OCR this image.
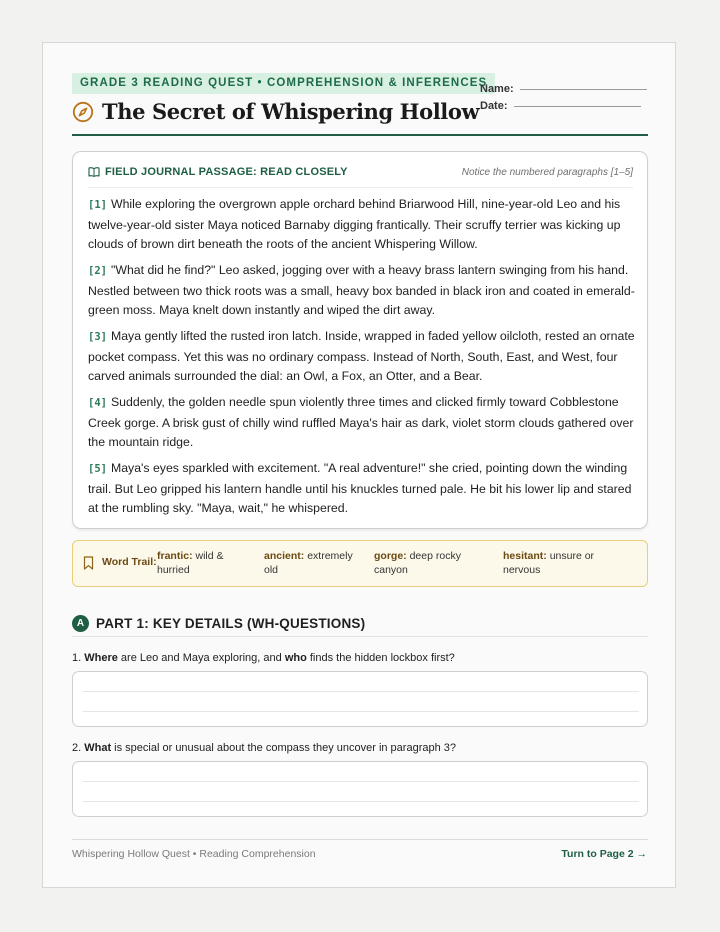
GRADE 3 READING QUEST • COMPREHENSION & INFERENCES
The Secret of Whispering Hollow
Name:
Date:
FIELD JOURNAL PASSAGE: READ CLOSELY	Notice the numbered paragraphs [1–5]

[1] While exploring the overgrown apple orchard behind Briarwood Hill, nine-year-old Leo and his twelve-year-old sister Maya noticed Barnaby digging frantically. Their scruffy terrier was kicking up clouds of brown dirt beneath the roots of the ancient Whispering Willow.

[2] "What did he find?" Leo asked, jogging over with a heavy brass lantern swinging from his hand. Nestled between two thick roots was a small, heavy box banded in black iron and coated in emerald-green moss. Maya knelt down instantly and wiped the dirt away.

[3] Maya gently lifted the rusted iron latch. Inside, wrapped in faded yellow oilcloth, rested an ornate pocket compass. Yet this was no ordinary compass. Instead of North, South, East, and West, four carved animals surrounded the dial: an Owl, a Fox, an Otter, and a Bear.

[4] Suddenly, the golden needle spun violently three times and clicked firmly toward Cobblestone Creek gorge. A brisk gust of chilly wind ruffled Maya's hair as dark, violet storm clouds gathered over the mountain ridge.

[5] Maya's eyes sparkled with excitement. "A real adventure!" she cried, pointing down the winding trail. But Leo gripped his lantern handle until his knuckles turned pale. He bit his lower lip and stared at the rumbling sky. "Maya, wait," he whispered.

Word Trail: frantic: wild & hurried
ancient: extremely old
gorge: deep rocky canyon
hesitant: unsure or nervous
A PART 1: KEY DETAILS (WH-QUESTIONS)
1. Where are Leo and Maya exploring, and who finds the hidden lockbox first?
2. What is special or unusual about the compass they uncover in paragraph 3?
Whispering Hollow Quest • Reading Comprehension	Turn to Page 2 →
